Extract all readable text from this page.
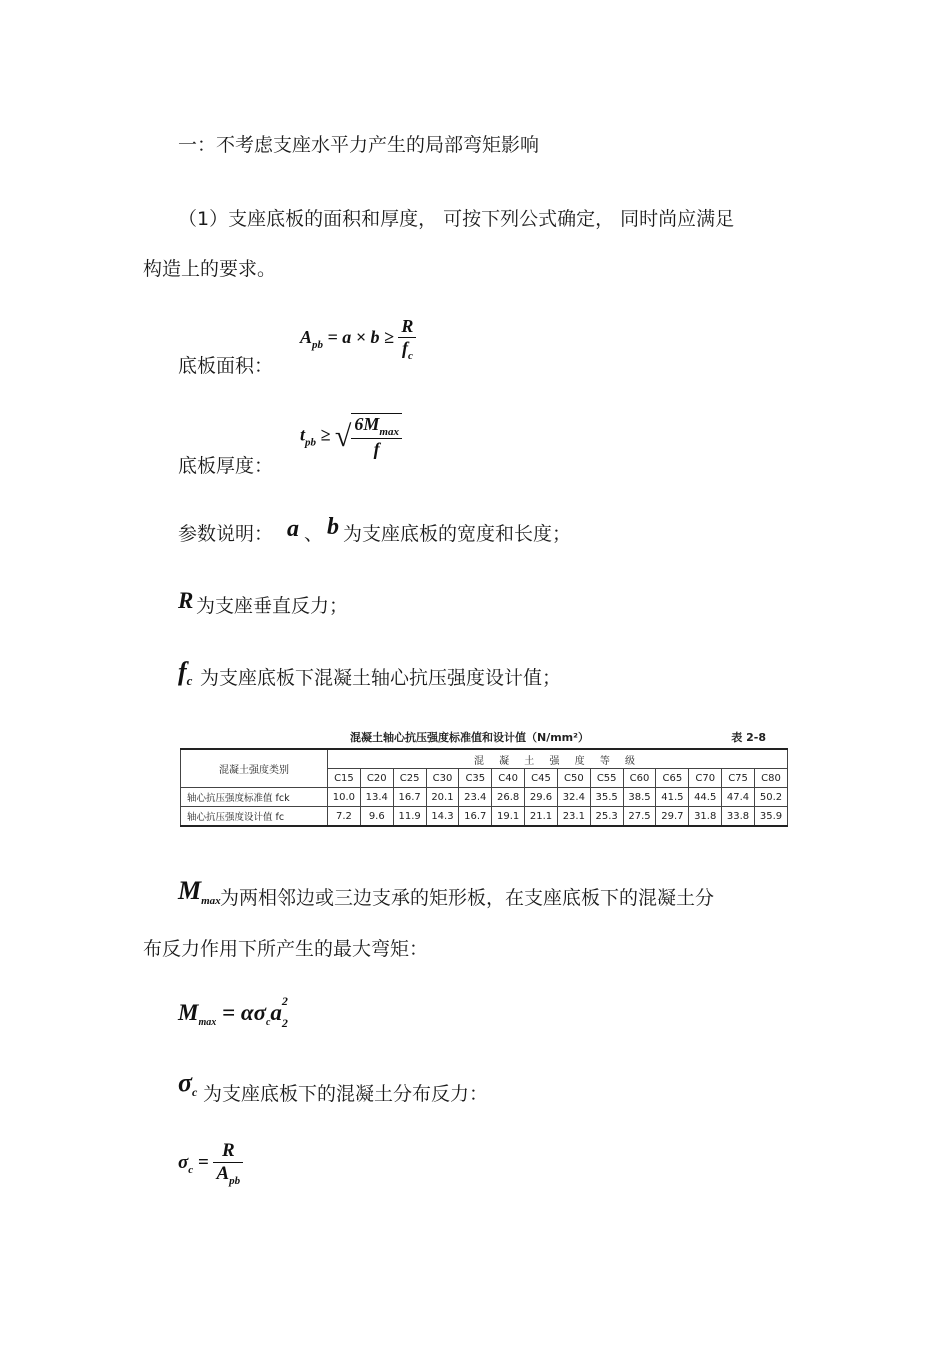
一：不考虑支座水平力产生的局部弯矩影响
（1）支座底板的面积和厚度， 可按下列公式确定， 同时尚应满足
构造上的要求。
底板面积：
$A_{pb} = a \times b \ge \frac{R}{f_c}$
底板厚度：
$t_{pb}$ ≥ √ $\frac{6M_{max}}{f}$
参数说明： a 、 b 为支座底板的宽度和长度；
R 为支座垂直反力；
$f_c$ 为支座底板下混凝土轴心抗压强度设计值；
混凝土轴心抗压强度标准值和设计值（N/mm²）	表 2-8
混凝土强度类别	混 凝 土 强 度 等 级													
	C15	C20	C25	C30	C35	C40	C45	C50	C55	C60	C65	C70	C75	C80
轴心抗压强度标准值 fck	10.0	13.4	16.7	20.1	23.4	26.8	29.6	32.4	35.5	38.5	41.5	44.5	47.4	50.2
轴心抗压强度设计值 fc	7.2	9.6	11.9	14.3	16.7	19.1	21.1	23.1	25.3	27.5	29.7	31.8	33.8	35.9
$M_{max}$ 为两相邻边或三边支承的矩形板，在支座底板下的混凝土分
布反力作用下所产生的最大弯矩：
$M_{max} = \alpha\sigma_ca2$
2
$\sigma_c$ 为支座底板下的混凝土分布反力：
$\sigma_c = \frac{R}{A_{pb}}$
